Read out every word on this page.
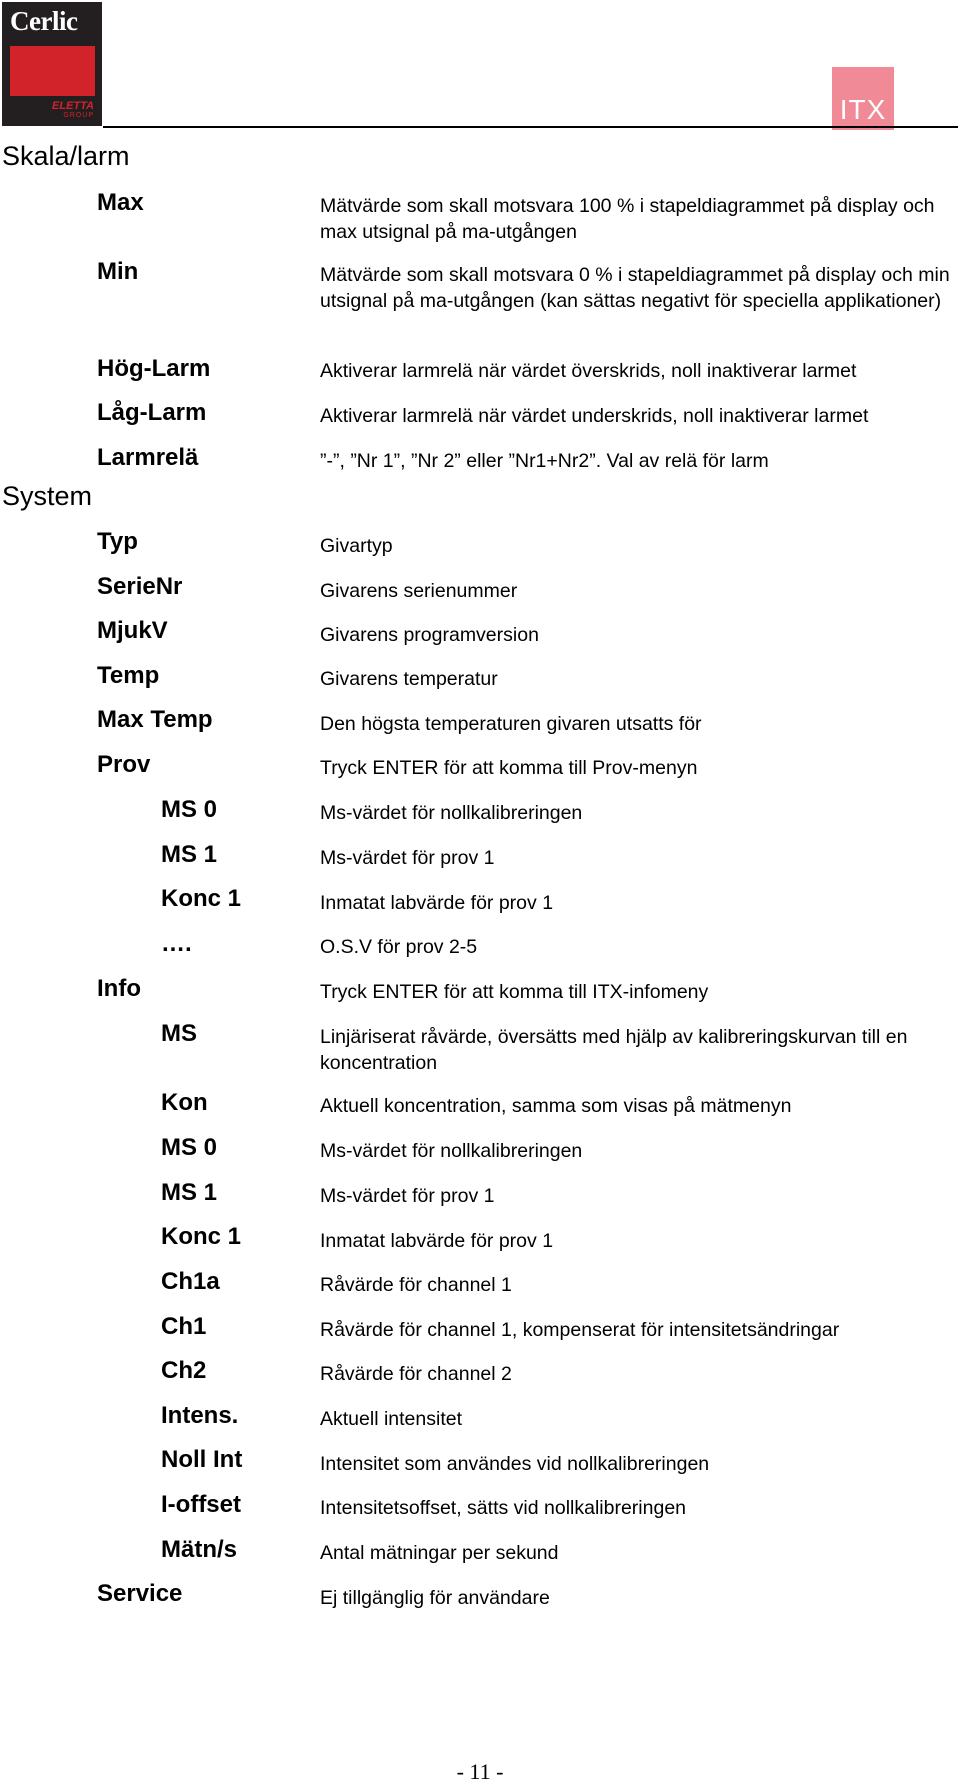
Cerlic
ELETTA
GROUP	ITX
Skala/larm
System
Max	Mätvärde som skall motsvara 100 % i stapeldiagrammet på display och max utsignal på ma-utgången
Min	Mätvärde som skall motsvara 0 % i stapeldiagrammet på display och min utsignal på ma-utgången (kan sättas negativt för speciella applikationer)
Hög-Larm	Aktiverar larmrelä när värdet överskrids, noll inaktiverar larmet
Låg-Larm	Aktiverar larmrelä när värdet underskrids, noll inaktiverar larmet
Larmrelä	”-”, ”Nr 1”, ”Nr 2” eller ”Nr1+Nr2”. Val av relä för larm
Typ	Givartyp
SerieNr	Givarens serienummer
MjukV	Givarens programversion
Temp	Givarens temperatur
Max Temp	Den högsta temperaturen givaren utsatts för
Prov	Tryck ENTER för att komma till Prov-menyn
MS 0	Ms-värdet för nollkalibreringen
MS 1	Ms-värdet för prov 1
Konc 1	Inmatat labvärde för prov 1
….	O.S.V för prov 2-5
Info	Tryck ENTER för att komma till ITX-infomeny
MS	Linjäriserat råvärde, översätts med hjälp av kalibreringskurvan till en koncentration
Kon	Aktuell koncentration, samma som visas på mätmenyn
MS 0	Ms-värdet för nollkalibreringen
MS 1	Ms-värdet för prov 1
Konc 1	Inmatat labvärde för prov 1
Ch1a	Råvärde för channel 1
Ch1	Råvärde för channel 1, kompenserat för intensitetsändringar
Ch2	Råvärde för channel 2
Intens.	Aktuell intensitet
Noll Int	Intensitet som användes vid nollkalibreringen
I-offset	Intensitetsoffset, sätts vid nollkalibreringen
Mätn/s	Antal mätningar per sekund
Service	Ej tillgänglig för användare
- 11 -
